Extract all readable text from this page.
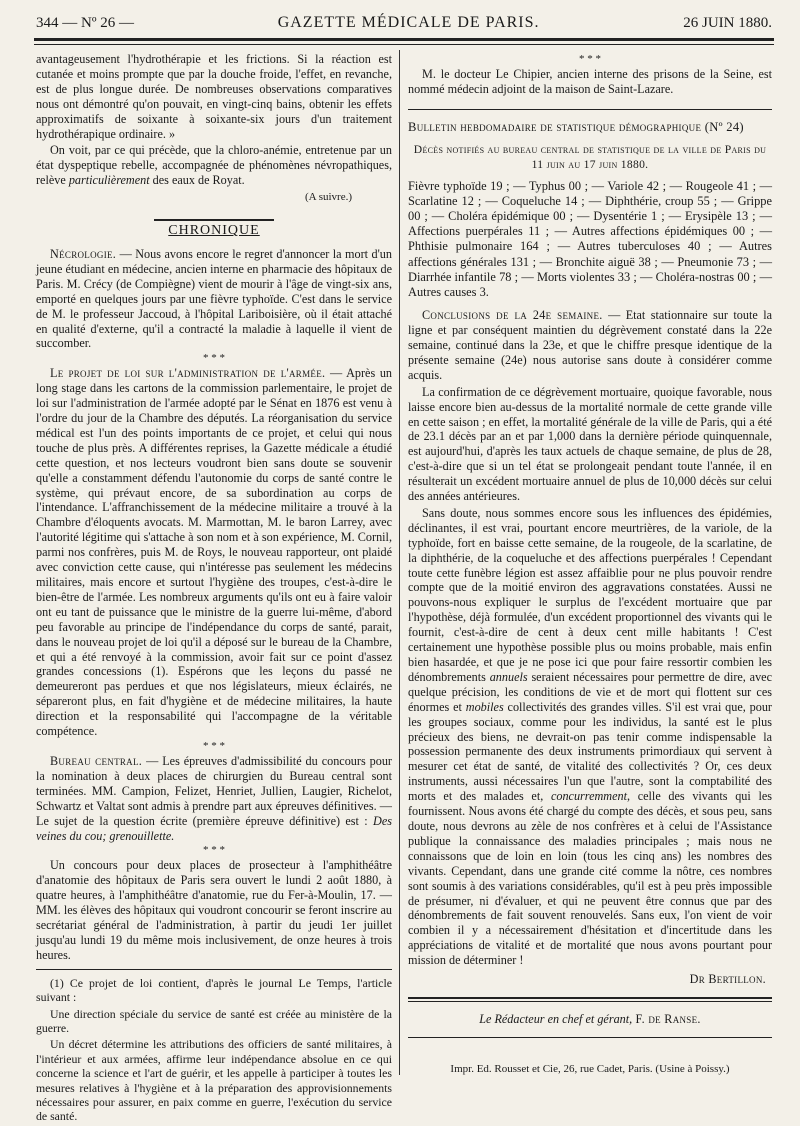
344 — Nº 26 —	GAZETTE MÉDICALE DE PARIS.	26 JUIN 1880.

avantageusement l'hydrothérapie et les frictions. Si la réaction est cutanée et moins prompte que par la douche froide, l'effet, en revanche, est de plus longue durée. De nombreuses observations comparatives nous ont démontré qu'on pouvait, en vingt-cinq bains, obtenir les effets approximatifs de soixante à soixante-six jours d'un traitement hydrothérapique ordinaire. »

On voit, par ce qui précède, que la chloro-anémie, entretenue par un état dyspeptique rebelle, accompagnée de phénomènes névropathiques, relève particulièrement des eaux de Royat.

(A suivre.)

CHRONIQUE

Nécrologie. — Nous avons encore le regret d'annoncer la mort d'un jeune étudiant en médecine, ancien interne en pharmacie des hôpitaux de Paris. M. Crécy (de Compiègne) vient de mourir à l'âge de vingt-six ans, emporté en quelques jours par une fièvre typhoïde. C'est dans le service de M. le professeur Jaccoud, à l'hôpital Lariboisière, où il était attaché en qualité d'externe, qu'il a contracté la maladie à laquelle il vient de succomber.

* * *

Le projet de loi sur l'administration de l'armée. — Après un long stage dans les cartons de la commission parlementaire, le projet de loi sur l'administration de l'armée adopté par le Sénat en 1876 est venu à l'ordre du jour de la Chambre des députés. La réorganisation du service médical est l'un des points importants de ce projet, et celui qui nous touche de plus près. A différentes reprises, la Gazette médicale a étudié cette question, et nos lecteurs voudront bien sans doute se souvenir qu'elle a constamment défendu l'autonomie du corps de santé contre le système, qui prévaut encore, de sa subordination au corps de l'intendance. L'affranchissement de la médecine militaire a trouvé à la Chambre d'éloquents avocats. M. Marmottan, M. le baron Larrey, avec l'autorité légitime qui s'attache à son nom et à son expérience, M. Cornil, parmi nos confrères, puis M. de Roys, le nouveau rapporteur, ont plaidé avec conviction cette cause, qui n'intéresse pas seulement les médecins militaires, mais encore et surtout l'hygiène des troupes, c'est-à-dire le bien-être de l'armée. Les nombreux arguments qu'ils ont eu à faire valoir ont eu tant de puissance que le ministre de la guerre lui-même, d'abord peu favorable au principe de l'indépendance du corps de santé, parait, dans le nouveau projet de loi qu'il a déposé sur le bureau de la Chambre, et qui a été renvoyé à la commission, avoir fait sur ce point d'assez grandes concessions (1). Espérons que les leçons du passé ne demeureront pas perdues et que nos législateurs, mieux éclairés, ne sépareront plus, en fait d'hygiène et de médecine militaires, la haute direction et la responsabilité qui l'accompagne de la véritable compétence.

* * *

Bureau central. — Les épreuves d'admissibilité du concours pour la nomination à deux places de chirurgien du Bureau central sont terminées. MM. Campion, Felizet, Henriet, Jullien, Laugier, Richelot, Schwartz et Valtat sont admis à prendre part aux épreuves définitives. — Le sujet de la question écrite (première épreuve définitive) est : Des veines du cou; grenouillette.

* * *

Un concours pour deux places de prosecteur à l'amphithéâtre d'anatomie des hôpitaux de Paris sera ouvert le lundi 2 août 1880, à quatre heures, à l'amphithéâtre d'anatomie, rue du Fer-à-Moulin, 17. — MM. les élèves des hôpitaux qui voudront concourir se feront inscrire au secrétariat général de l'administration, à partir du jeudi 1er juillet jusqu'au lundi 19 du même mois inclusivement, de onze heures à trois heures.

(1) Ce projet de loi contient, d'après le journal Le Temps, l'article suivant :

Une direction spéciale du service de santé est créée au ministère de la guerre.

Un décret détermine les attributions des officiers de santé militaires, à l'intérieur et aux armées, affirme leur indépendance absolue en ce qui concerne la science et l'art de guérir, et les appelle à participer à toutes les mesures relatives à l'hygiène et à la préparation des approvisionnements nécessaires pour assurer, en paix comme en guerre, l'exécution du service de santé.

* * *

M. le docteur Le Chipier, ancien interne des prisons de la Seine, est nommé médecin adjoint de la maison de Saint-Lazare.

Bulletin hebdomadaire de statistique démographique (Nº 24)

Décès notifiés au bureau central de statistique de la ville de Paris du 11 juin au 17 juin 1880.

Fièvre typhoïde 19 ; — Typhus 00 ; — Variole 42 ; — Rougeole 41 ; — Scarlatine 12 ; — Coqueluche 14 ; — Diphthérie, croup 55 ; — Grippe 00 ; — Choléra épidémique 00 ; — Dysentérie 1 ; — Erysipèle 13 ; — Affections puerpérales 11 ; — Autres affections épidémiques 00 ; — Phthisie pulmonaire 164 ; — Autres tuberculoses 40 ; — Autres affections générales 131 ; — Bronchite aiguë 38 ; — Pneumonie 73 ; — Diarrhée infantile 78 ; — Morts violentes 33 ; — Choléra-nostras 00 ; — Autres causes 3.

Conclusions de la 24e semaine. — Etat stationnaire sur toute la ligne et par conséquent maintien du dégrèvement constaté dans la 22e semaine, continué dans la 23e, et que le chiffre presque identique de la présente semaine (24e) nous autorise sans doute à considérer comme acquis.

La confirmation de ce dégrèvement mortuaire, quoique favorable, nous laisse encore bien au-dessus de la mortalité normale de cette grande ville en cette saison ; en effet, la mortalité générale de la ville de Paris, qui a été de 23.1 décès par an et par 1,000 dans la dernière période quinquennale, est aujourd'hui, d'après les taux actuels de chaque semaine, de plus de 28, c'est-à-dire que si un tel état se prolongeait pendant toute l'année, il en résulterait un excédent mortuaire annuel de plus de 10,000 décès sur celui des années antérieures.

Sans doute, nous sommes encore sous les influences des épidémies, déclinantes, il est vrai, pourtant encore meurtrières, de la variole, de la typhoïde, fort en baisse cette semaine, de la rougeole, de la scarlatine, de la diphthérie, de la coqueluche et des affections puerpérales ! Cependant toute cette funèbre légion est assez affaiblie pour ne plus pouvoir rendre compte que de la moitié environ des aggravations constatées. Aussi ne pouvons-nous expliquer le surplus de l'excédent mortuaire que par l'hypothèse, déjà formulée, d'un excédent proportionnel des vivants qui le fournit, c'est-à-dire de cent à deux cent mille habitants ! C'est certainement une hypothèse possible plus ou moins probable, mais enfin bien hasardée, et que je ne pose ici que pour faire ressortir combien les dénombrements annuels seraient nécessaires pour permettre de dire, avec quelque précision, les conditions de vie et de mort qui flottent sur ces énormes et mobiles collectivités des grandes villes. S'il est vrai que, pour les groupes sociaux, comme pour les individus, la santé est le plus précieux des biens, ne devrait-on pas tenir comme indispensable la possession permanente des deux instruments primordiaux qui servent à mesurer cet état de santé, de vitalité des collectivités ? Or, ces deux instruments, aussi nécessaires l'un que l'autre, sont la comptabilité des morts et des malades et, concurremment, celle des vivants qui les fournissent. Nous avons été chargé du compte des décès, et sous peu, sans doute, nous devrons au zèle de nos confrères et à celui de l'Assistance publique la connaissance des maladies principales ; mais nous ne connaissons que de loin en loin (tous les cinq ans) les nombres des vivants. Cependant, dans une grande cité comme la nôtre, ces nombres sont soumis à des variations considérables, qu'il est à peu près impossible de présumer, ni d'évaluer, et qui ne peuvent être connus que par des dénombrements de fait souvent renouvelés. Sans eux, l'on vient de voir combien il y a nécessairement d'hésitation et d'incertitude dans les appréciations de vitalité et de mortalité que nous avons pourtant pour mission de déterminer !

Dr Bertillon.

Le Rédacteur en chef et gérant, F. de Ranse.

Impr. Ed. Rousset et Cie, 26, rue Cadet, Paris. (Usine à Poissy.)
